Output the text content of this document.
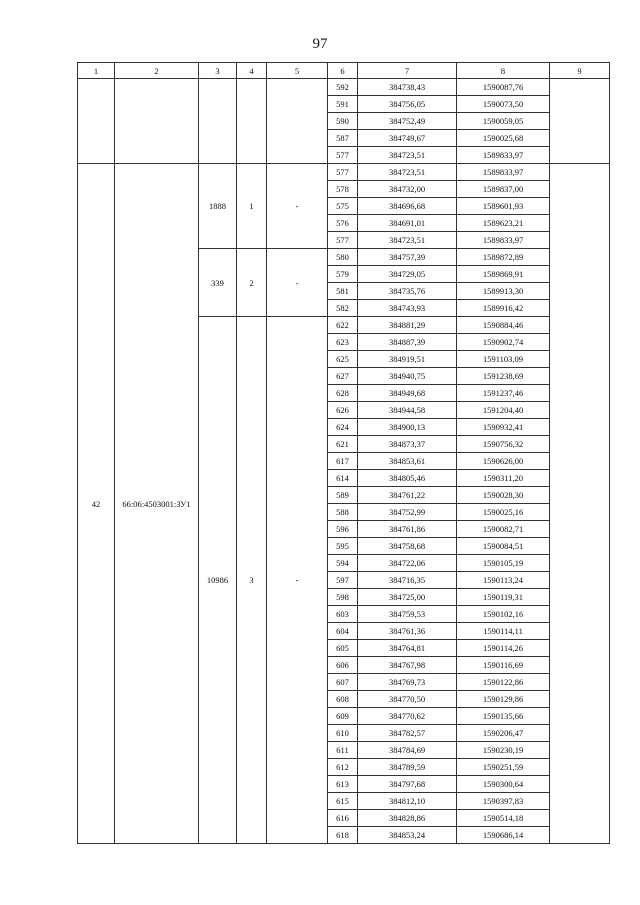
97
1	2	3	4	5	6	7	8	9
					592	384738,43	1590087,76	
					591	384756,05	1590073,50	
					590	384752,49	1590059,05	
					587	384749,67	1590025,68	
					577	384723,51	1589833,97	
42	66:06:4503001:ЗУ1	1888	1	-	577	384723,51	1589833,97	
					578	384732,00	1589837,00	
					575	384696,68	1589601,93	
					576	384691,01	1589623,21	
					577	384723,51	1589833,97	
		339	2	-	580	384757,39	1589872,89	
					579	384729,05	1589869,91	
					581	384735,76	1589913,30	
					582	384743,93	1589916,42	
		10986	3	-	622	384881,29	1590884,46	
					623	384887,39	1590902,74	
					625	384919,51	1591103,09	
					627	384940,75	1591238,69	
					628	384949,68	1591237,46	
					626	384944,58	1591204,40	
					624	384900,13	1590932,41	
					621	384873,37	1590756,32	
					617	384853,61	1590626,00	
					614	384805,46	1590311,20	
					589	384761,22	1590028,30	
					588	384752,99	1590025,16	
					596	384761,86	1590082,71	
					595	384758,68	1590084,51	
					594	384722,06	1590105,19	
					597	384716,35	1590113,24	
					598	384725,00	1590119,31	
					603	384759,53	1590102,16	
					604	384761,36	1590114,11	
					605	384764,81	1590114,26	
					606	384767,98	1590116,69	
					607	384769,73	1590122,86	
					608	384770,50	1590129,86	
					609	384770,62	1590135,66	
					610	384782,57	1590206,47	
					611	384784,69	1590230,19	
					612	384789,59	1590251,59	
					613	384797,68	1590300,64	
					615	384812,10	1590397,83	
					616	384828,86	1590514,18	
					618	384853,24	1590686,14	
